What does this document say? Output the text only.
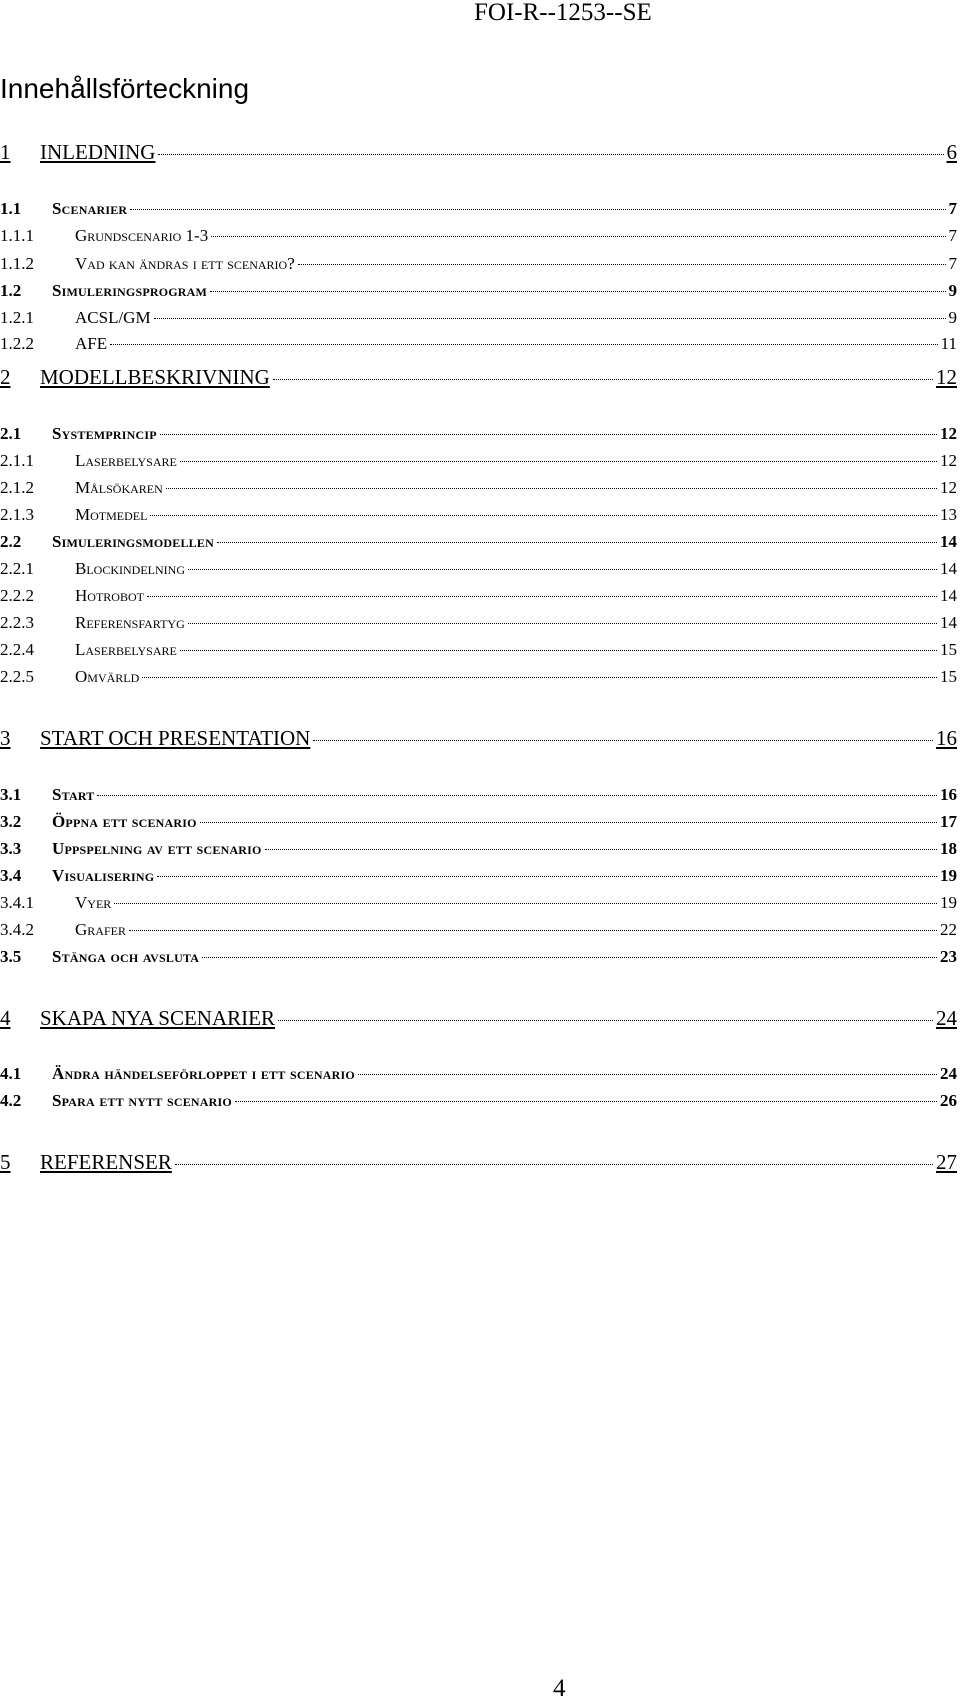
FOI-R--1253--SE
Innehållsförteckning
1	INLEDNING	6
1.1	Scenarier	7
1.1.1	Grundscenario 1-3	7
1.1.2	Vad kan ändras i ett scenario?	7
1.2	Simuleringsprogram	9
1.2.1	ACSL/GM	9
1.2.2	AFE	11
2	MODELLBESKRIVNING	12
2.1	Systemprincip	12
2.1.1	Laserbelysare	12
2.1.2	Målsökaren	12
2.1.3	Motmedel	13
2.2	Simuleringsmodellen	14
2.2.1	Blockindelning	14
2.2.2	Hotrobot	14
2.2.3	Referensfartyg	14
2.2.4	Laserbelysare	15
2.2.5	Omvärld	15
3	START OCH PRESENTATION	16
3.1	Start	16
3.2	Öppna ett scenario	17
3.3	Uppspelning av ett scenario	18
3.4	Visualisering	19
3.4.1	Vyer	19
3.4.2	Grafer	22
3.5	Stänga och avsluta	23
4	SKAPA NYA SCENARIER	24
4.1	Ändra händelseförloppet i ett scenario	24
4.2	Spara ett nytt scenario	26
5	REFERENSER	27
4
